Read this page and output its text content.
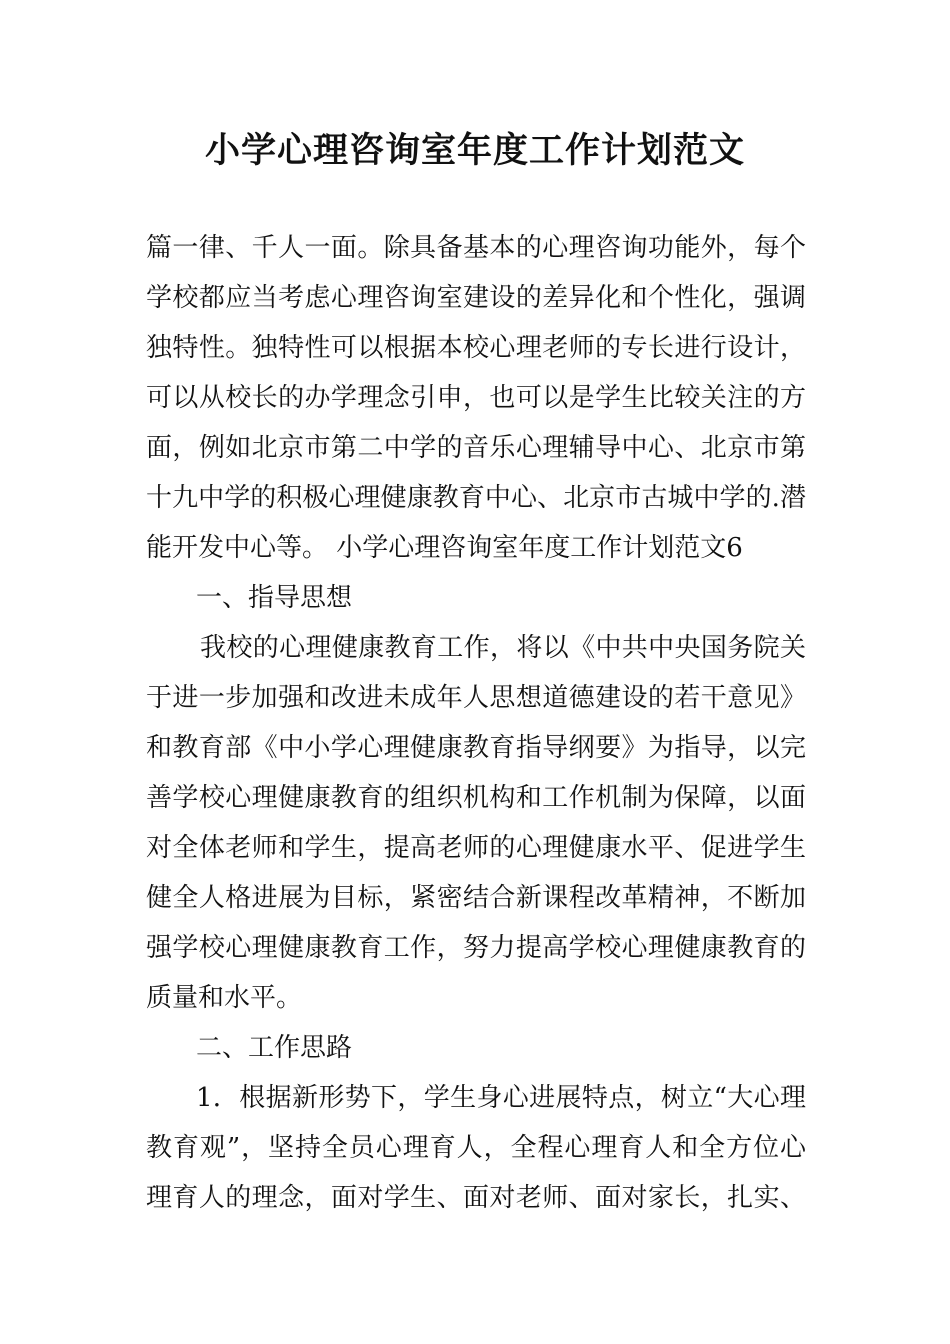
小学心理咨询室年度工作计划范文
篇一律、千人一面。除具备基本的心理咨询功能外，每个
学校都应当考虑心理咨询室建设的差异化和个性化，强调
独特性。独特性可以根据本校心理老师的专长进行设计，
可以从校长的办学理念引申，也可以是学生比较关注的方
面，例如北京市第二中学的音乐心理辅导中心、北京市第
十九中学的积极心理健康教育中心、北京市古城中学的.潜
能开发中心等。 小学心理咨询室年度工作计划范文6
一、指导思想
我校的心理健康教育工作，将以《中共中央国务院关
于进一步加强和改进未成年人思想道德建设的若干意见》
和教育部《中小学心理健康教育指导纲要》为指导，以完
善学校心理健康教育的组织机构和工作机制为保障，以面
对全体老师和学生，提高老师的心理健康水平、促进学生
健全人格进展为目标，紧密结合新课程改革精神，不断加
强学校心理健康教育工作，努力提高学校心理健康教育的
质量和水平。
二、工作思路
1．根据新形势下，学生身心进展特点，树立“大心理
教育观”，坚持全员心理育人，全程心理育人和全方位心
理育人的理念，面对学生、面对老师、面对家长，扎实、
